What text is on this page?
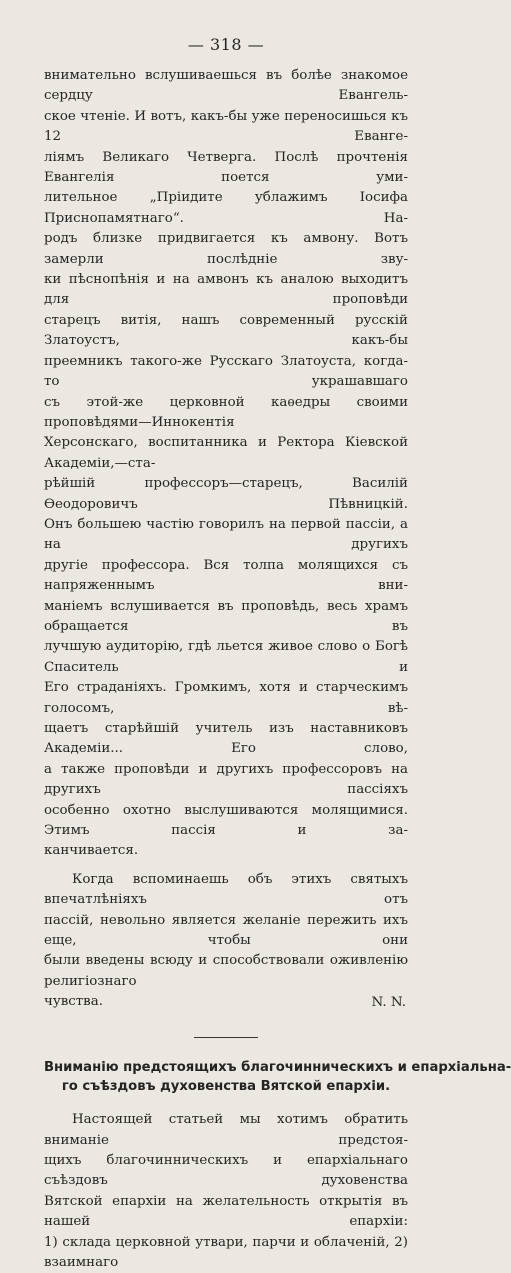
— 318 —

внимательно вслушиваешься въ болѣе знакомое сердцу Евангель-
ское чтеніе. И вотъ, какъ-бы уже переносишься къ 12 Еванге-
ліямъ Великаго Четверга. Послѣ прочтенія Евангелія поется уми-
лительное „Пріидите ублажимъ Іосифа Приснопамятнаго“. На-
родъ близке придвигается къ амвону. Вотъ замерли послѣдніе зву-
ки пѣснопѣнія и на амвонъ къ аналою выходитъ для проповѣди
старецъ витія, нашъ современный русскій Златоустъ, какъ-бы
преемникъ такого-же Русскаго Златоуста, когда-то украшавшаго
съ этой-же церковной каѳедры своими проповѣдями—Иннокентія
Херсонскаго, воспитанника и Ректора Кіевской Академіи,—ста-
рѣйшій профессоръ—старецъ, Василій Ѳеодоровичъ Пѣвницкій.
Онъ большею частію говорилъ на первой пассіи, а на другихъ
другіе профессора. Вся толпа молящихся съ напряженнымъ вни-
маніемъ вслушивается въ проповѣдь, весь храмъ обращается въ
лучшую аудиторію, гдѣ льется живое слово о Богѣ Спаситель и
Его страданіяхъ. Громкимъ, хотя и старческимъ голосомъ, вѣ-
щаетъ старѣйшій учитель изъ наставниковъ Академіи... Его слово,
а также проповѣди и другихъ профессоровъ на другихъ пассіяхъ
особенно охотно выслушиваются молящимися. Этимъ пассія и за-
канчивается.

Когда вспоминаешь объ этихъ святыхъ впечатлѣніяхъ отъ
пассій, невольно является желаніе пережить ихъ еще, чтобы они
были введены всюду и способствовали оживленію религіознаго
чувства.	N. N.
Вниманію предстоящихъ благочинническихъ и епархіальна-
го съѣздовъ духовенства Вятской епархіи.

Настоящей статьей мы хотимъ обратить вниманіе предстоя-
щихъ благочинническихъ и епархіальнаго съѣздовъ духовенства
Вятской епархіи на желательность открытія въ нашей епархіи:
1) склада церковной утвари, парчи и облаченій, 2) взаимнаго
